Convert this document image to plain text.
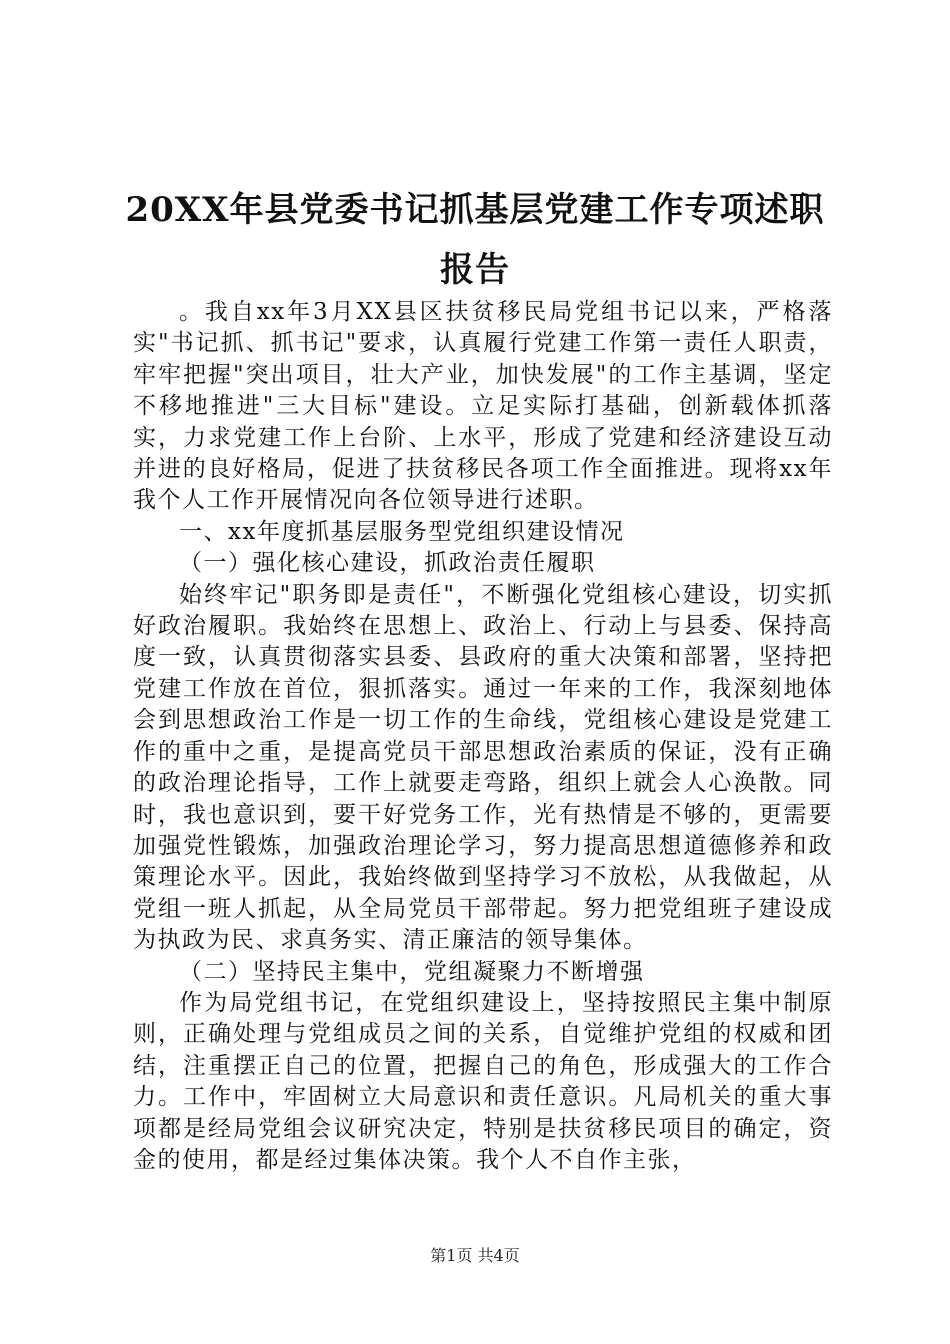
20XX年县党委书记抓基层党建工作专项述职
报告

。我自xx年3月XX县区扶贫移民局党组书记以来，严格落实"书记抓、抓书记"要求，认真履行党建工作第一责任人职责，牢牢把握"突出项目，壮大产业，加快发展"的工作主基调，坚定不移地推进"三大目标"建设。立足实际打基础，创新载体抓落实，力求党建工作上台阶、上水平，形成了党建和经济建设互动并进的良好格局，促进了扶贫移民各项工作全面推进。现将xx年我个人工作开展情况向各位领导进行述职。

一、xx年度抓基层服务型党组织建设情况

（一）强化核心建设，抓政治责任履职

始终牢记"职务即是责任"，不断强化党组核心建设，切实抓好政治履职。我始终在思想上、政治上、行动上与县委、保持高度一致，认真贯彻落实县委、县政府的重大决策和部署，坚持把党建工作放在首位，狠抓落实。通过一年来的工作，我深刻地体会到思想政治工作是一切工作的生命线，党组核心建设是党建工作的重中之重，是提高党员干部思想政治素质的保证，没有正确的政治理论指导，工作上就要走弯路，组织上就会人心涣散。同时，我也意识到，要干好党务工作，光有热情是不够的，更需要加强党性锻炼，加强政治理论学习，努力提高思想道德修养和政策理论水平。因此，我始终做到坚持学习不放松，从我做起，从党组一班人抓起，从全局党员干部带起。努力把党组班子建设成为执政为民、求真务实、清正廉洁的领导集体。

（二）坚持民主集中，党组凝聚力不断增强

作为局党组书记，在党组织建设上，坚持按照民主集中制原则，正确处理与党组成员之间的关系，自觉维护党组的权威和团结，注重摆正自己的位置，把握自己的角色，形成强大的工作合力。工作中，牢固树立大局意识和责任意识。凡局机关的重大事项都是经局党组会议研究决定，特别是扶贫移民项目的确定，资金的使用，都是经过集体决策。我个人不自作主张，

第1页 共4页
